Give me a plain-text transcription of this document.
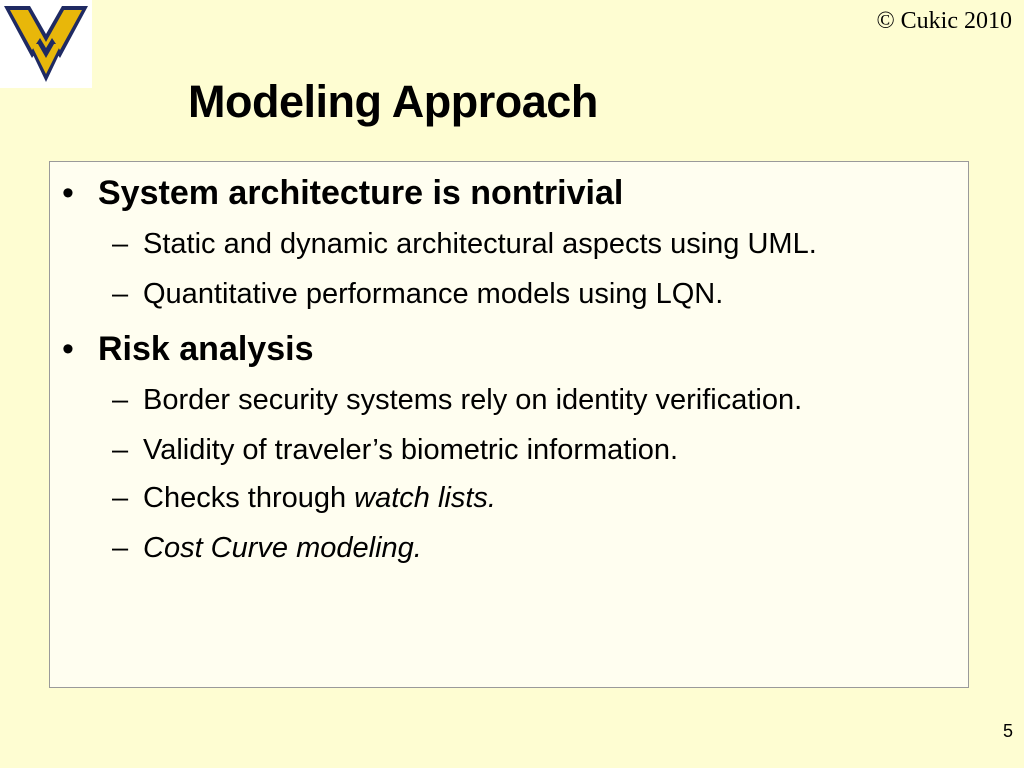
© Cukic 2010
Modeling Approach
• System architecture is nontrivial
– Static and dynamic architectural aspects using UML.
– Quantitative performance models using LQN.
• Risk analysis
– Border security systems rely on identity verification.
– Validity of traveler’s biometric information.
– Checks through watch lists.
– Cost Curve modeling.
5
